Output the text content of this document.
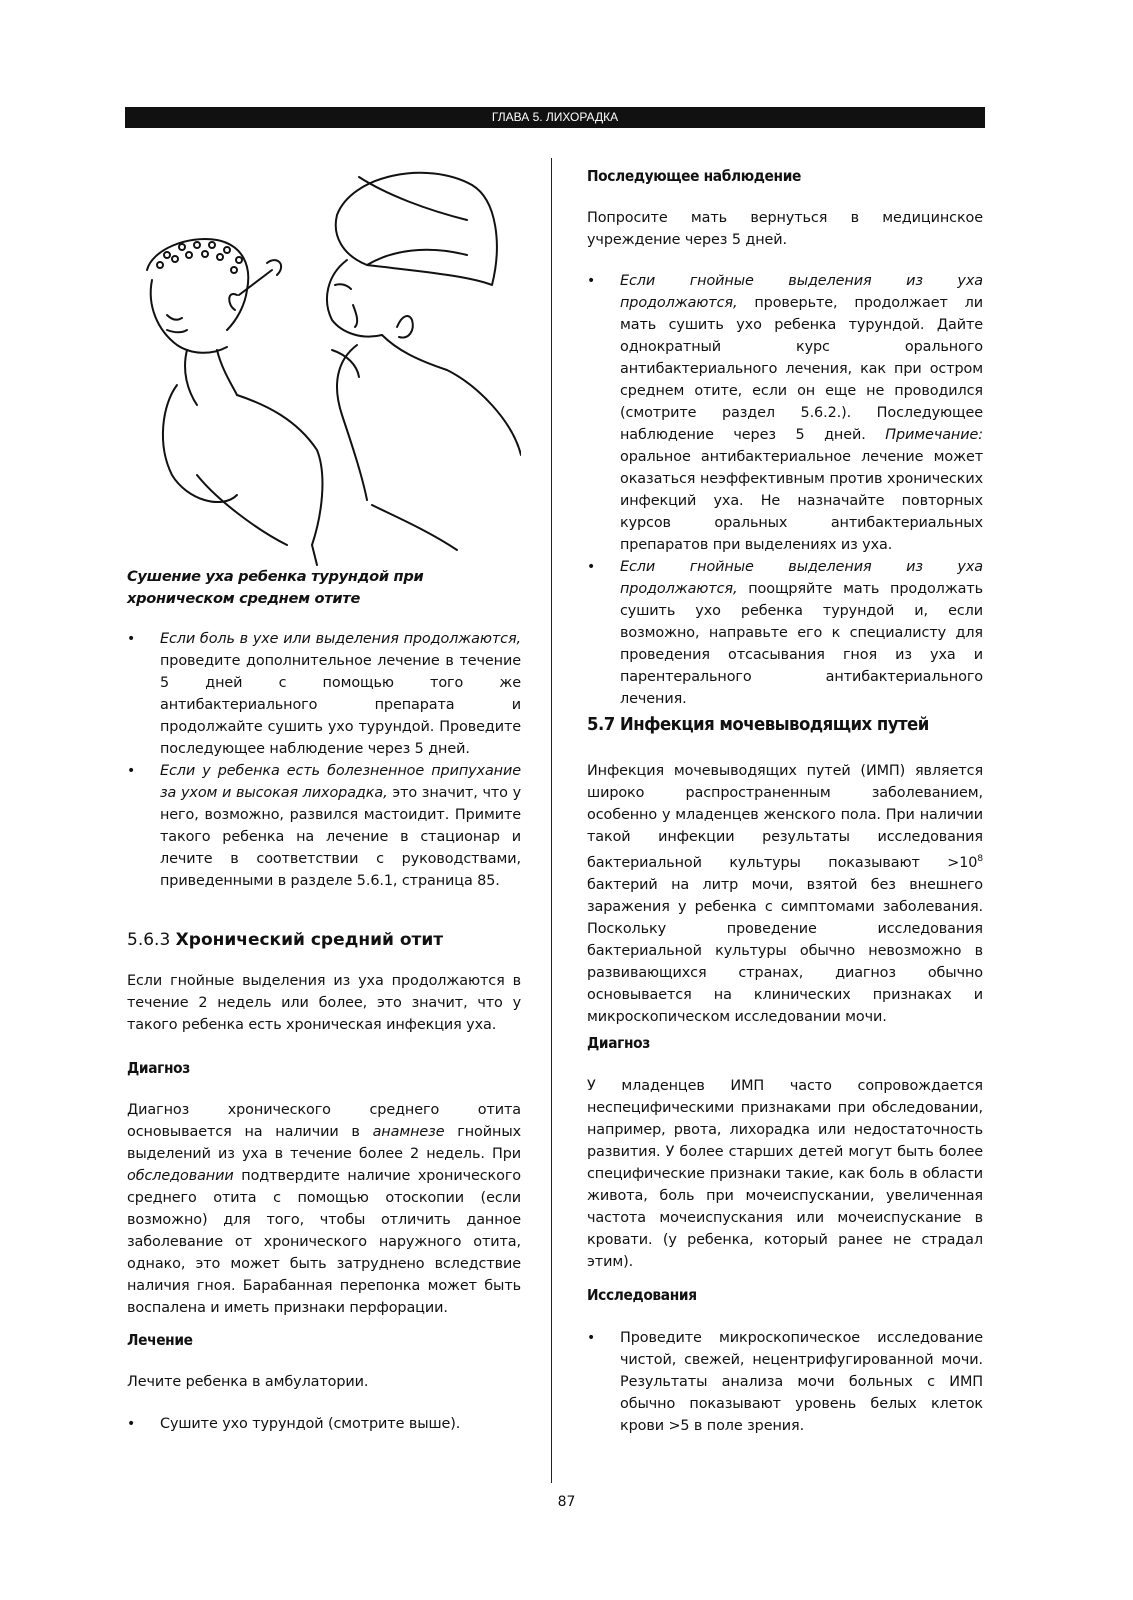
ГЛАВА 5. ЛИХОРАДКА

Сушение уха ребенка турундой при хроническом среднем отите

• Если боль в ухе или выделения продолжаются, проведите дополнительное лечение в течение 5 дней с помощью того же антибактериального препарата и продолжайте сушить ухо турундой. Проведите последующее наблюдение через 5 дней.

• Если у ребенка есть болезненное припухание за ухом и высокая лихорадка, это значит, что у него, возможно, развился мастоидит. Примите такого ребенка на лечение в стационар и лечите в соответствии с руководствами, приведенными в разделе 5.6.1, страница 85.

5.6.3 Хронический средний отит

Если гнойные выделения из уха продолжаются в течение 2 недель или более, это значит, что у такого ребенка есть хроническая инфекция уха.

Диагноз

Диагноз хронического среднего отита основывается на наличии в анамнезе гнойных выделений из уха в течение более 2 недель. При обследовании подтвердите наличие хронического среднего отита с помощью отоскопии (если возможно) для того, чтобы отличить данное заболевание от хронического наружного отита, однако, это может быть затруднено вследствие наличия гноя. Барабанная перепонка может быть воспалена и иметь признаки перфорации.

Лечение

Лечите ребенка в амбулатории.

• Сушите ухо турундой (смотрите выше).

Последующее наблюдение

Попросите мать вернуться в медицинское учреждение через 5 дней.

• Если гнойные выделения из уха продолжаются, проверьте, продолжает ли мать сушить ухо ребенка турундой. Дайте однократный курс орального антибактериального лечения, как при остром среднем отите, если он еще не проводился (смотрите раздел 5.6.2.). Последующее наблюдение через 5 дней. Примечание: оральное антибактериальное лечение может оказаться неэффективным против хронических инфекций уха. Не назначайте повторных курсов оральных антибактериальных препаратов при выделениях из уха.

• Если гнойные выделения из уха продолжаются, поощряйте мать продолжать сушить ухо ребенка турундой и, если возможно, направьте его к специалисту для проведения отсасывания гноя из уха и парентерального антибактериального лечения.

5.7 Инфекция мочевыводящих путей

Инфекция мочевыводящих путей (ИМП) является широко распространенным заболеванием, особенно у младенцев женского пола. При наличии такой инфекции результаты исследования бактериальной культуры показывают $>10^8$ бактерий на литр мочи, взятой без внешнего заражения у ребенка с симптомами заболевания. Поскольку проведение исследования бактериальной культуры обычно невозможно в развивающихся странах, диагноз обычно основывается на клинических признаках и микроскопическом исследовании мочи.

Диагноз

У младенцев ИМП часто сопровождается неспецифическими признаками при обследовании, например, рвота, лихорадка или недостаточность развития. У более старших детей могут быть более специфические признаки такие, как боль в области живота, боль при мочеиспускании, увеличенная частота мочеиспускания или мочеиспускание в кровати. (у ребенка, который ранее не страдал этим).

Исследования
• Проведите микроскопическое исследование чистой, свежей, нецентрифугированной мочи. Результаты анализа мочи больных с ИМП обычно показывают уровень белых клеток крови >5 в поле зрения.

87
